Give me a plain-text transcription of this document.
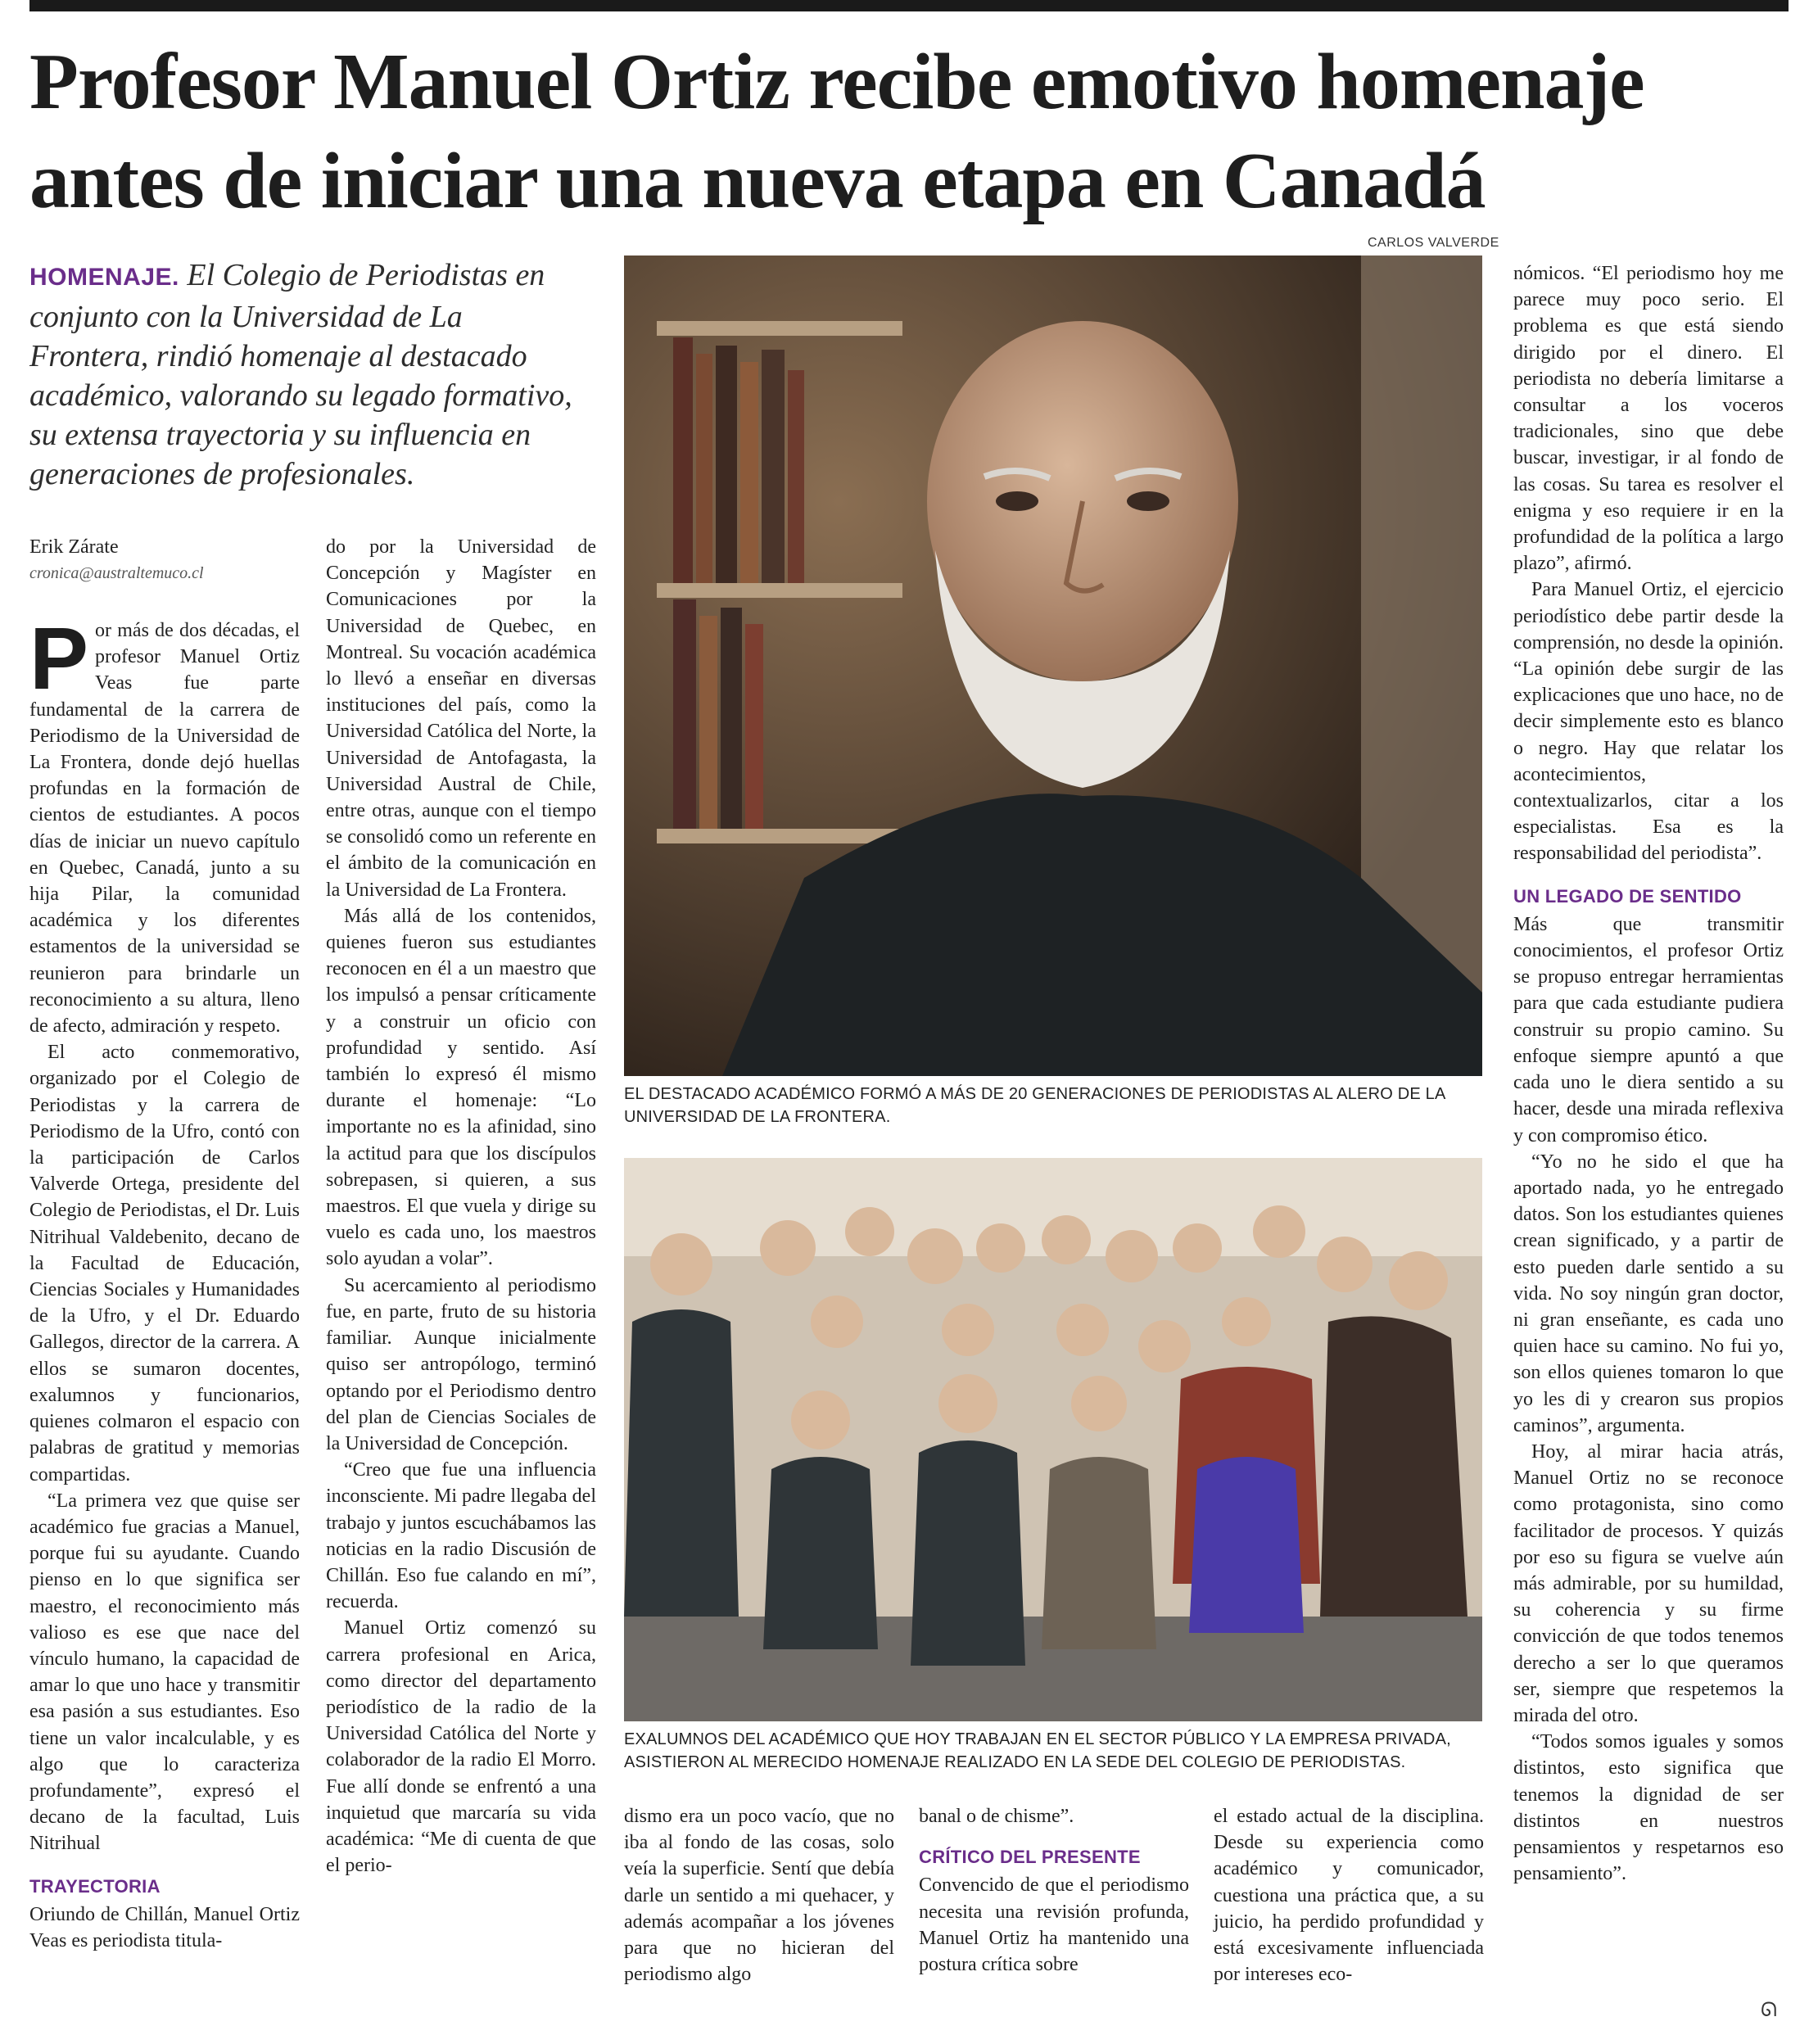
Profesor Manuel Ortiz recibe emotivo homenaje antes de iniciar una nueva etapa en Canadá
HOMENAJE. El Colegio de Periodistas en conjunto con la Universidad de La Frontera, rindió homenaje al destacado académico, valorando su legado formativo, su extensa trayectoria y su influencia en generaciones de profesionales.
Erik Zárate
cronica@australtemuco.cl

Por más de dos décadas, el profesor Manuel Ortiz Veas fue parte fundamental de la carrera de Periodismo de la Universidad de La Frontera, donde dejó huellas profundas en la formación de cientos de estudiantes. A pocos días de iniciar un nuevo capítulo en Quebec, Canadá, junto a su hija Pilar, la comunidad académica y los diferentes estamentos de la universidad se reunieron para brindarle un reconocimiento a su altura, lleno de afecto, admiración y respeto.

El acto conmemorativo, organizado por el Colegio de Periodistas y la carrera de Periodismo de la Ufro, contó con la participación de Carlos Valverde Ortega, presidente del Colegio de Periodistas, el Dr. Luis Nitrihual Valdebenito, decano de la Facultad de Educación, Ciencias Sociales y Humanidades de la Ufro, y el Dr. Eduardo Gallegos, director de la carrera. A ellos se sumaron docentes, exalumnos y funcionarios, quienes colmaron el espacio con palabras de gratitud y memorias compartidas.

“La primera vez que quise ser académico fue gracias a Manuel, porque fui su ayudante. Cuando pienso en lo que significa ser maestro, el reconocimiento más valioso es ese que nace del vínculo humano, la capacidad de amar lo que uno hace y transmitir esa pasión a sus estudiantes. Eso tiene un valor incalculable, y es algo que lo caracteriza profundamente”, expresó el decano de la facultad, Luis Nitrihual

TRAYECTORIA

Oriundo de Chillán, Manuel Ortiz Veas es periodista titula-

do por la Universidad de Concepción y Magíster en Comunicaciones por la Universidad de Quebec, en Montreal. Su vocación académica lo llevó a enseñar en diversas instituciones del país, como la Universidad Católica del Norte, la Universidad de Antofagasta, la Universidad Austral de Chile, entre otras, aunque con el tiempo se consolidó como un referente en el ámbito de la comunicación en la Universidad de La Frontera.

Más allá de los contenidos, quienes fueron sus estudiantes reconocen en él a un maestro que los impulsó a pensar críticamente y a construir un oficio con profundidad y sentido. Así también lo expresó él mismo durante el homenaje: “Lo importante no es la afinidad, sino la actitud para que los discípulos sobrepasen, si quieren, a sus maestros. El que vuela y dirige su vuelo es cada uno, los maestros solo ayudan a volar”.

Su acercamiento al periodismo fue, en parte, fruto de su historia familiar. Aunque inicialmente quiso ser antropólogo, terminó optando por el Periodismo dentro del plan de Ciencias Sociales de la Universidad de Concepción.

“Creo que fue una influencia inconsciente. Mi padre llegaba del trabajo y juntos escuchábamos las noticias en la radio Discusión de Chillán. Eso fue calando en mí”, recuerda.

Manuel Ortiz comenzó su carrera profesional en Arica, como director del departamento periodístico de la radio de la Universidad Católica del Norte y colaborador de la radio El Morro. Fue allí donde se enfrentó a una inquietud que marcaría su vida académica: “Me di cuenta de que el perio-

CARLOS VALVERDE
EL DESTACADO ACADÉMICO FORMÓ A MÁS DE 20 GENERACIONES DE PERIODISTAS AL ALERO DE LA UNIVERSIDAD DE LA FRONTERA.
EXALUMNOS DEL ACADÉMICO QUE HOY TRABAJAN EN EL SECTOR PÚBLICO Y LA EMPRESA PRIVADA, ASISTIERON AL MERECIDO HOMENAJE REALIZADO EN LA SEDE DEL COLEGIO DE PERIODISTAS.

dismo era un poco vacío, que no iba al fondo de las cosas, solo veía la superficie. Sentí que debía darle un sentido a mi quehacer, y además acompañar a los jóvenes para que no hicieran del periodismo algo

banal o de chisme”.

CRÍTICO DEL PRESENTE

Convencido de que el periodismo necesita una revisión profunda, Manuel Ortiz ha mantenido una postura crítica sobre

el estado actual de la disciplina. Desde su experiencia como académico y comunicador, cuestiona una práctica que, a su juicio, ha perdido profundidad y está excesivamente influenciada por intereses eco-

nómicos. “El periodismo hoy me parece muy poco serio. El problema es que está siendo dirigido por el dinero. El periodista no debería limitarse a consultar a los voceros tradicionales, sino que debe buscar, investigar, ir al fondo de las cosas. Su tarea es resolver el enigma y eso requiere ir en la profundidad de la política a largo plazo”, afirmó.

Para Manuel Ortiz, el ejercicio periodístico debe partir desde la comprensión, no desde la opinión. “La opinión debe surgir de las explicaciones que uno hace, no de decir simplemente esto es blanco o negro. Hay que relatar los acontecimientos, contextualizarlos, citar a los especialistas. Esa es la responsabilidad del periodista”.

UN LEGADO DE SENTIDO

Más que transmitir conocimientos, el profesor Ortiz se propuso entregar herramientas para que cada estudiante pudiera construir su propio camino. Su enfoque siempre apuntó a que cada uno le diera sentido a su hacer, desde una mirada reflexiva y con compromiso ético.

“Yo no he sido el que ha aportado nada, yo he entregado datos. Son los estudiantes quienes crean significado, y a partir de esto pueden darle sentido a su vida. No soy ningún gran doctor, ni gran enseñante, es cada uno quien hace su camino. No fui yo, son ellos quienes tomaron lo que yo les di y crearon sus propios caminos”, argumenta.

Hoy, al mirar hacia atrás, Manuel Ortiz no se reconoce como protagonista, sino como facilitador de procesos. Y quizás por eso su figura se vuelve aún más admirable, por su humildad, su coherencia y su firme convicción de que todos tenemos derecho a ser lo que queramos ser, siempre que respetemos la mirada del otro.

“Todos somos iguales y somos distintos, esto significa que tenemos la dignidad de ser distintos en nuestros pensamientos y respetarnos eso pensamiento”.

ᘏ
